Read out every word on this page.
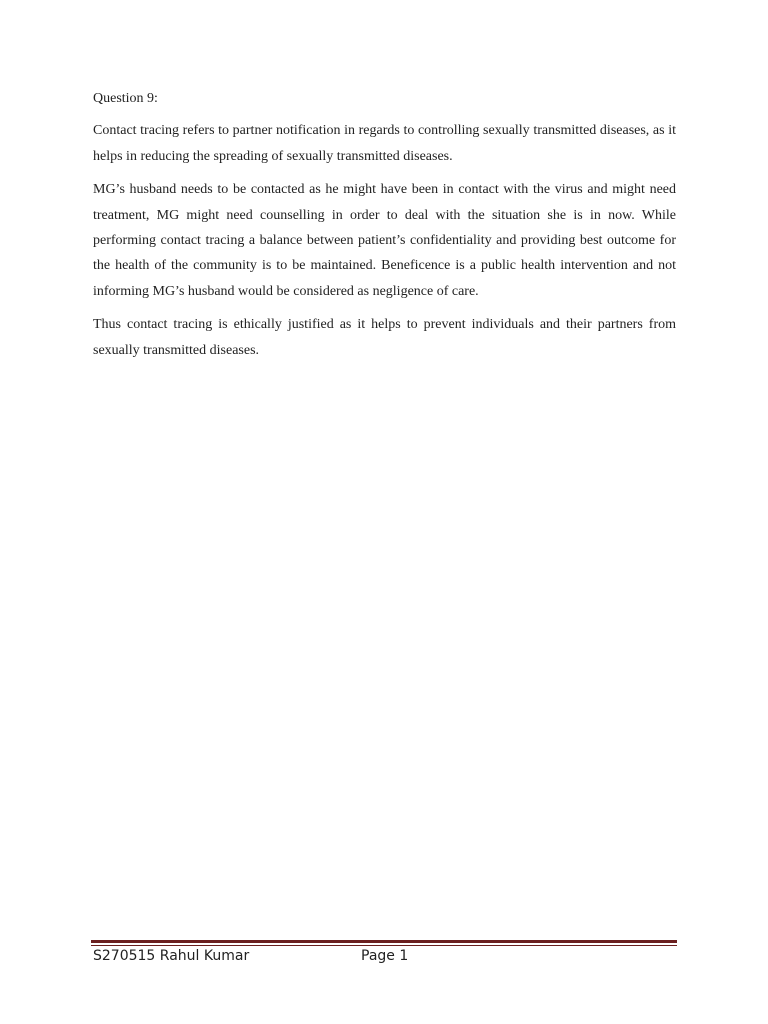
Question 9:

Contact tracing refers to partner notification in regards to controlling sexually transmitted diseases, as it helps in reducing the spreading of sexually transmitted diseases.

MG’s husband needs to be contacted as he might have been in contact with the virus and might need treatment, MG might need counselling in order to deal with the situation she is in now. While performing contact tracing a balance between patient’s confidentiality and providing best outcome for the health of the community is to be maintained. Beneficence is a public health intervention and not informing MG’s husband would be considered as negligence of care.

Thus contact tracing is ethically justified as it helps to prevent individuals and their partners from sexually transmitted diseases.

S270515 Rahul Kumar	Page 1
